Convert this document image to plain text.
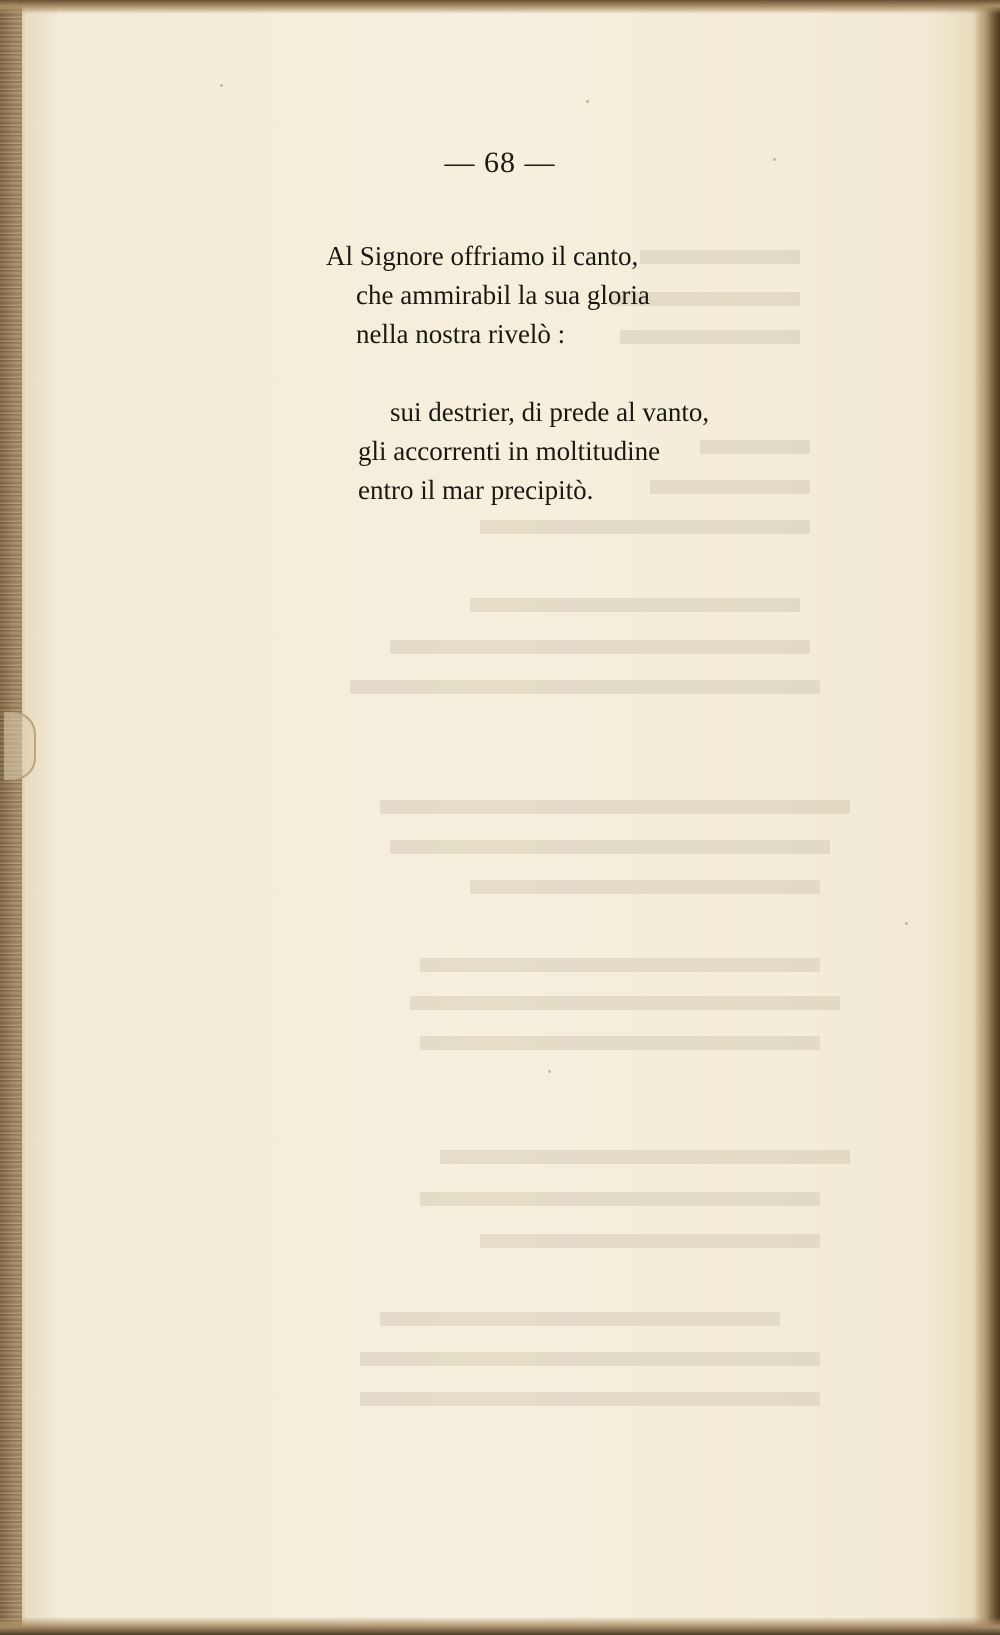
— 68 —
Al Signore offriamo il canto,
che ammirabil la sua gloria
nella nostra rivelò :
sui destrier, di prede al vanto,
gli accorrenti in moltitudine
entro il mar precipitò.
